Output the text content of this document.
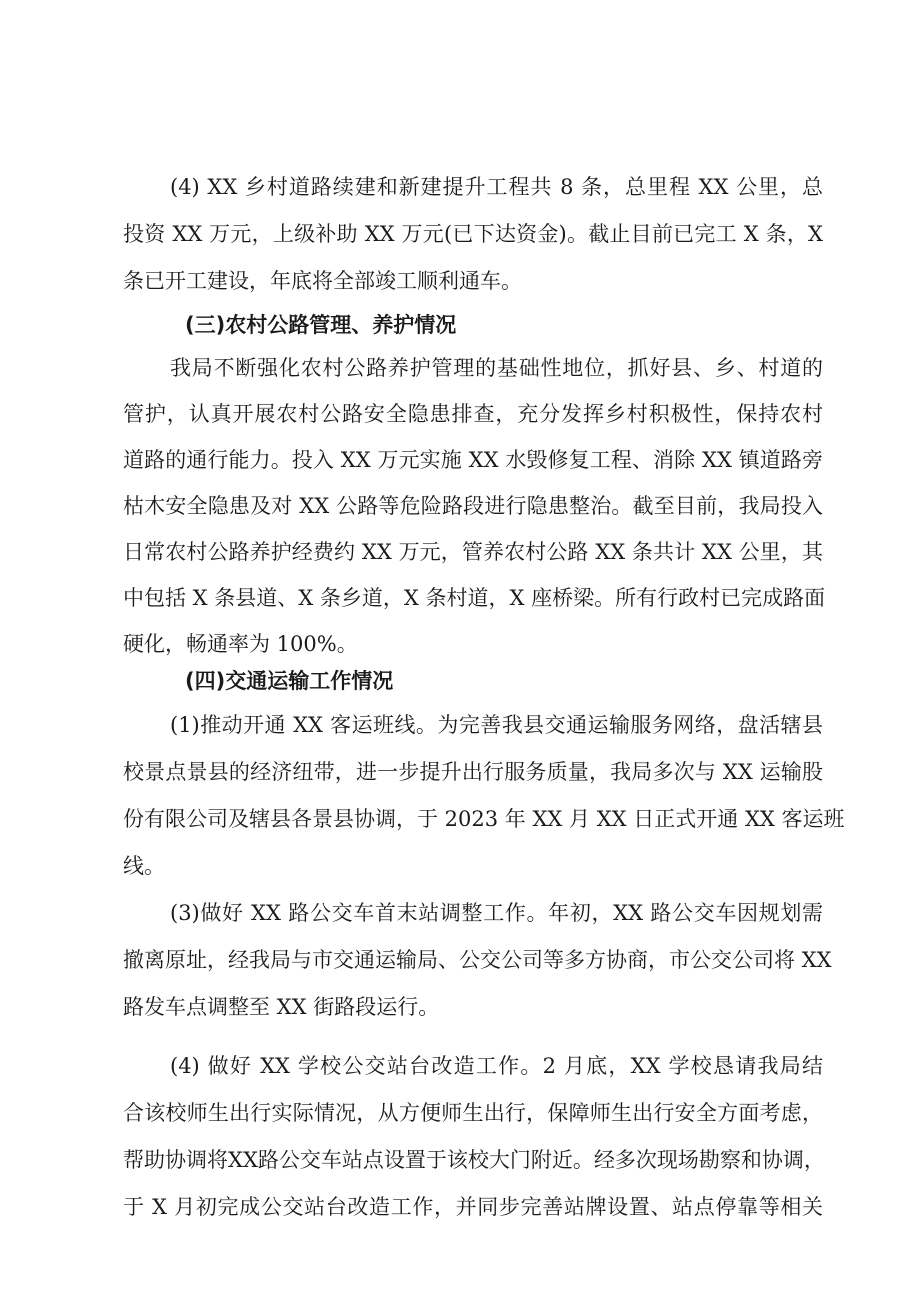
(4) XX 乡村道路续建和新建提升工程共 8 条，总里程 XX 公里，总
投资 XX 万元，上级补助 XX 万元(已下达资金)。截止目前已完工 X 条，X
条已开工建设，年底将全部竣工顺利通车。
(三)农村公路管理、养护情况
我局不断强化农村公路养护管理的基础性地位，抓好县、乡、村道的
管护，认真开展农村公路安全隐患排查，充分发挥乡村积极性，保持农村
道路的通行能力。投入 XX 万元实施 XX 水毁修复工程、消除 XX 镇道路旁
枯木安全隐患及对 XX 公路等危险路段进行隐患整治。截至目前，我局投入
日常农村公路养护经费约 XX 万元，管养农村公路 XX 条共计 XX 公里，其
中包括 X 条县道、X 条乡道，X 条村道，X 座桥梁。所有行政村已完成路面
硬化，畅通率为 100%。
(四)交通运输工作情况
(1)推动开通 XX 客运班线。为完善我县交通运输服务网络，盘活辖县
校景点景县的经济纽带，进一步提升出行服务质量，我局多次与 XX 运输股
份有限公司及辖县各景县协调，于 2023 年 XX 月 XX 日正式开通 XX 客运班
线。
(3)做好 XX 路公交车首末站调整工作。年初，XX 路公交车因规划需
撤离原址，经我局与市交通运输局、公交公司等多方协商，市公交公司将 XX
路发车点调整至 XX 街路段运行。
(4) 做好 XX 学校公交站台改造工作。2 月底，XX 学校恳请我局结
合该校师生出行实际情况，从方便师生出行，保障师生出行安全方面考虑，
帮助协调将XX路公交车站点设置于该校大门附近。经多次现场勘察和协调，
于 X 月初完成公交站台改造工作，并同步完善站牌设置、站点停靠等相关
